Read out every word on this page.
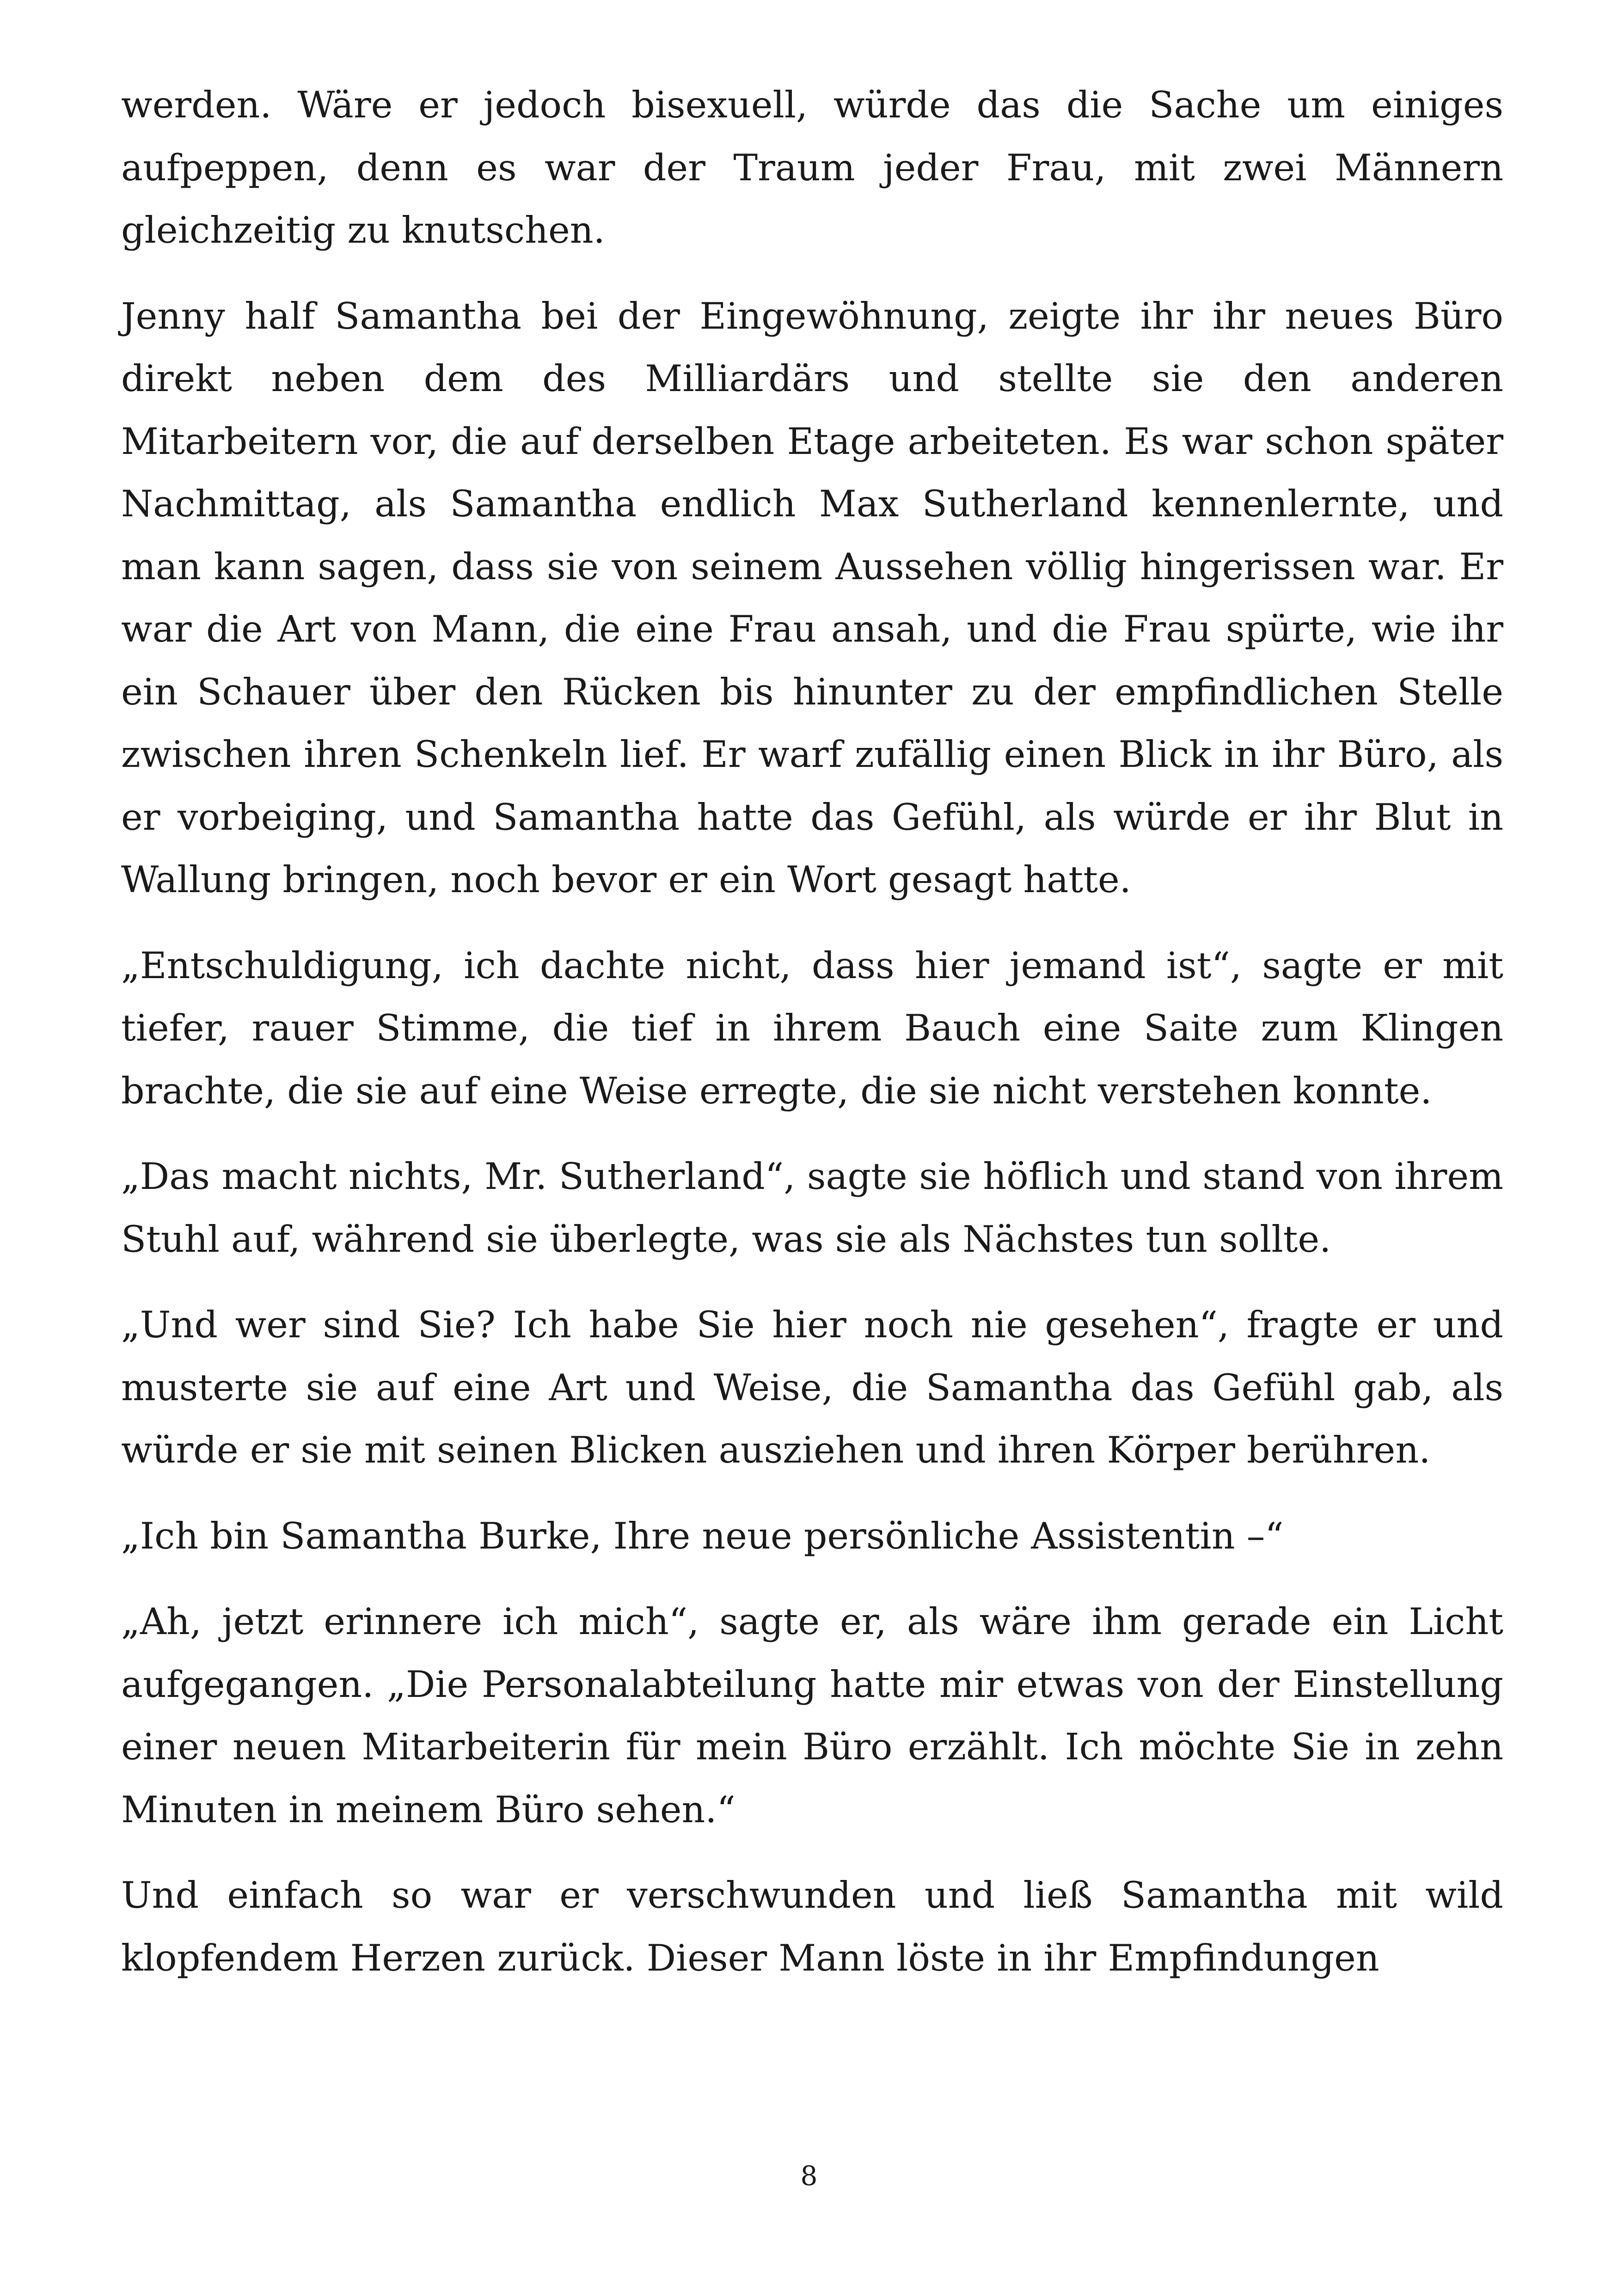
werden. Wäre er jedoch bisexuell, würde das die Sache um einiges aufpeppen, denn es war der Traum jeder Frau, mit zwei Männern gleichzeitig zu knutschen.

Jenny half Samantha bei der Eingewöhnung, zeigte ihr ihr neues Büro direkt neben dem des Milliardärs und stellte sie den anderen Mitarbeitern vor, die auf derselben Etage arbeiteten. Es war schon später Nachmittag, als Samantha endlich Max Sutherland kennenlernte, und man kann sagen, dass sie von seinem Aussehen völlig hingerissen war. Er war die Art von Mann, die eine Frau ansah, und die Frau spürte, wie ihr ein Schauer über den Rücken bis hinunter zu der empfindlichen Stelle zwischen ihren Schenkeln lief. Er warf zufällig einen Blick in ihr Büro, als er vorbeiging, und Samantha hatte das Gefühl, als würde er ihr Blut in Wallung bringen, noch bevor er ein Wort gesagt hatte.

„Entschuldigung, ich dachte nicht, dass hier jemand ist“, sagte er mit tiefer, rauer Stimme, die tief in ihrem Bauch eine Saite zum Klingen brachte, die sie auf eine Weise erregte, die sie nicht verstehen konnte.

„Das macht nichts, Mr. Sutherland“, sagte sie höflich und stand von ihrem Stuhl auf, während sie überlegte, was sie als Nächstes tun sollte.

„Und wer sind Sie? Ich habe Sie hier noch nie gesehen“, fragte er und musterte sie auf eine Art und Weise, die Samantha das Gefühl gab, als würde er sie mit seinen Blicken ausziehen und ihren Körper berühren.

„Ich bin Samantha Burke, Ihre neue persönliche Assistentin –“

„Ah, jetzt erinnere ich mich“, sagte er, als wäre ihm gerade ein Licht aufgegangen. „Die Personalabteilung hatte mir etwas von der Einstellung einer neuen Mitarbeiterin für mein Büro erzählt. Ich möchte Sie in zehn Minuten in meinem Büro sehen.“

Und einfach so war er verschwunden und ließ Samantha mit wild klopfendem Herzen zurück. Dieser Mann löste in ihr Empfindungen

8
